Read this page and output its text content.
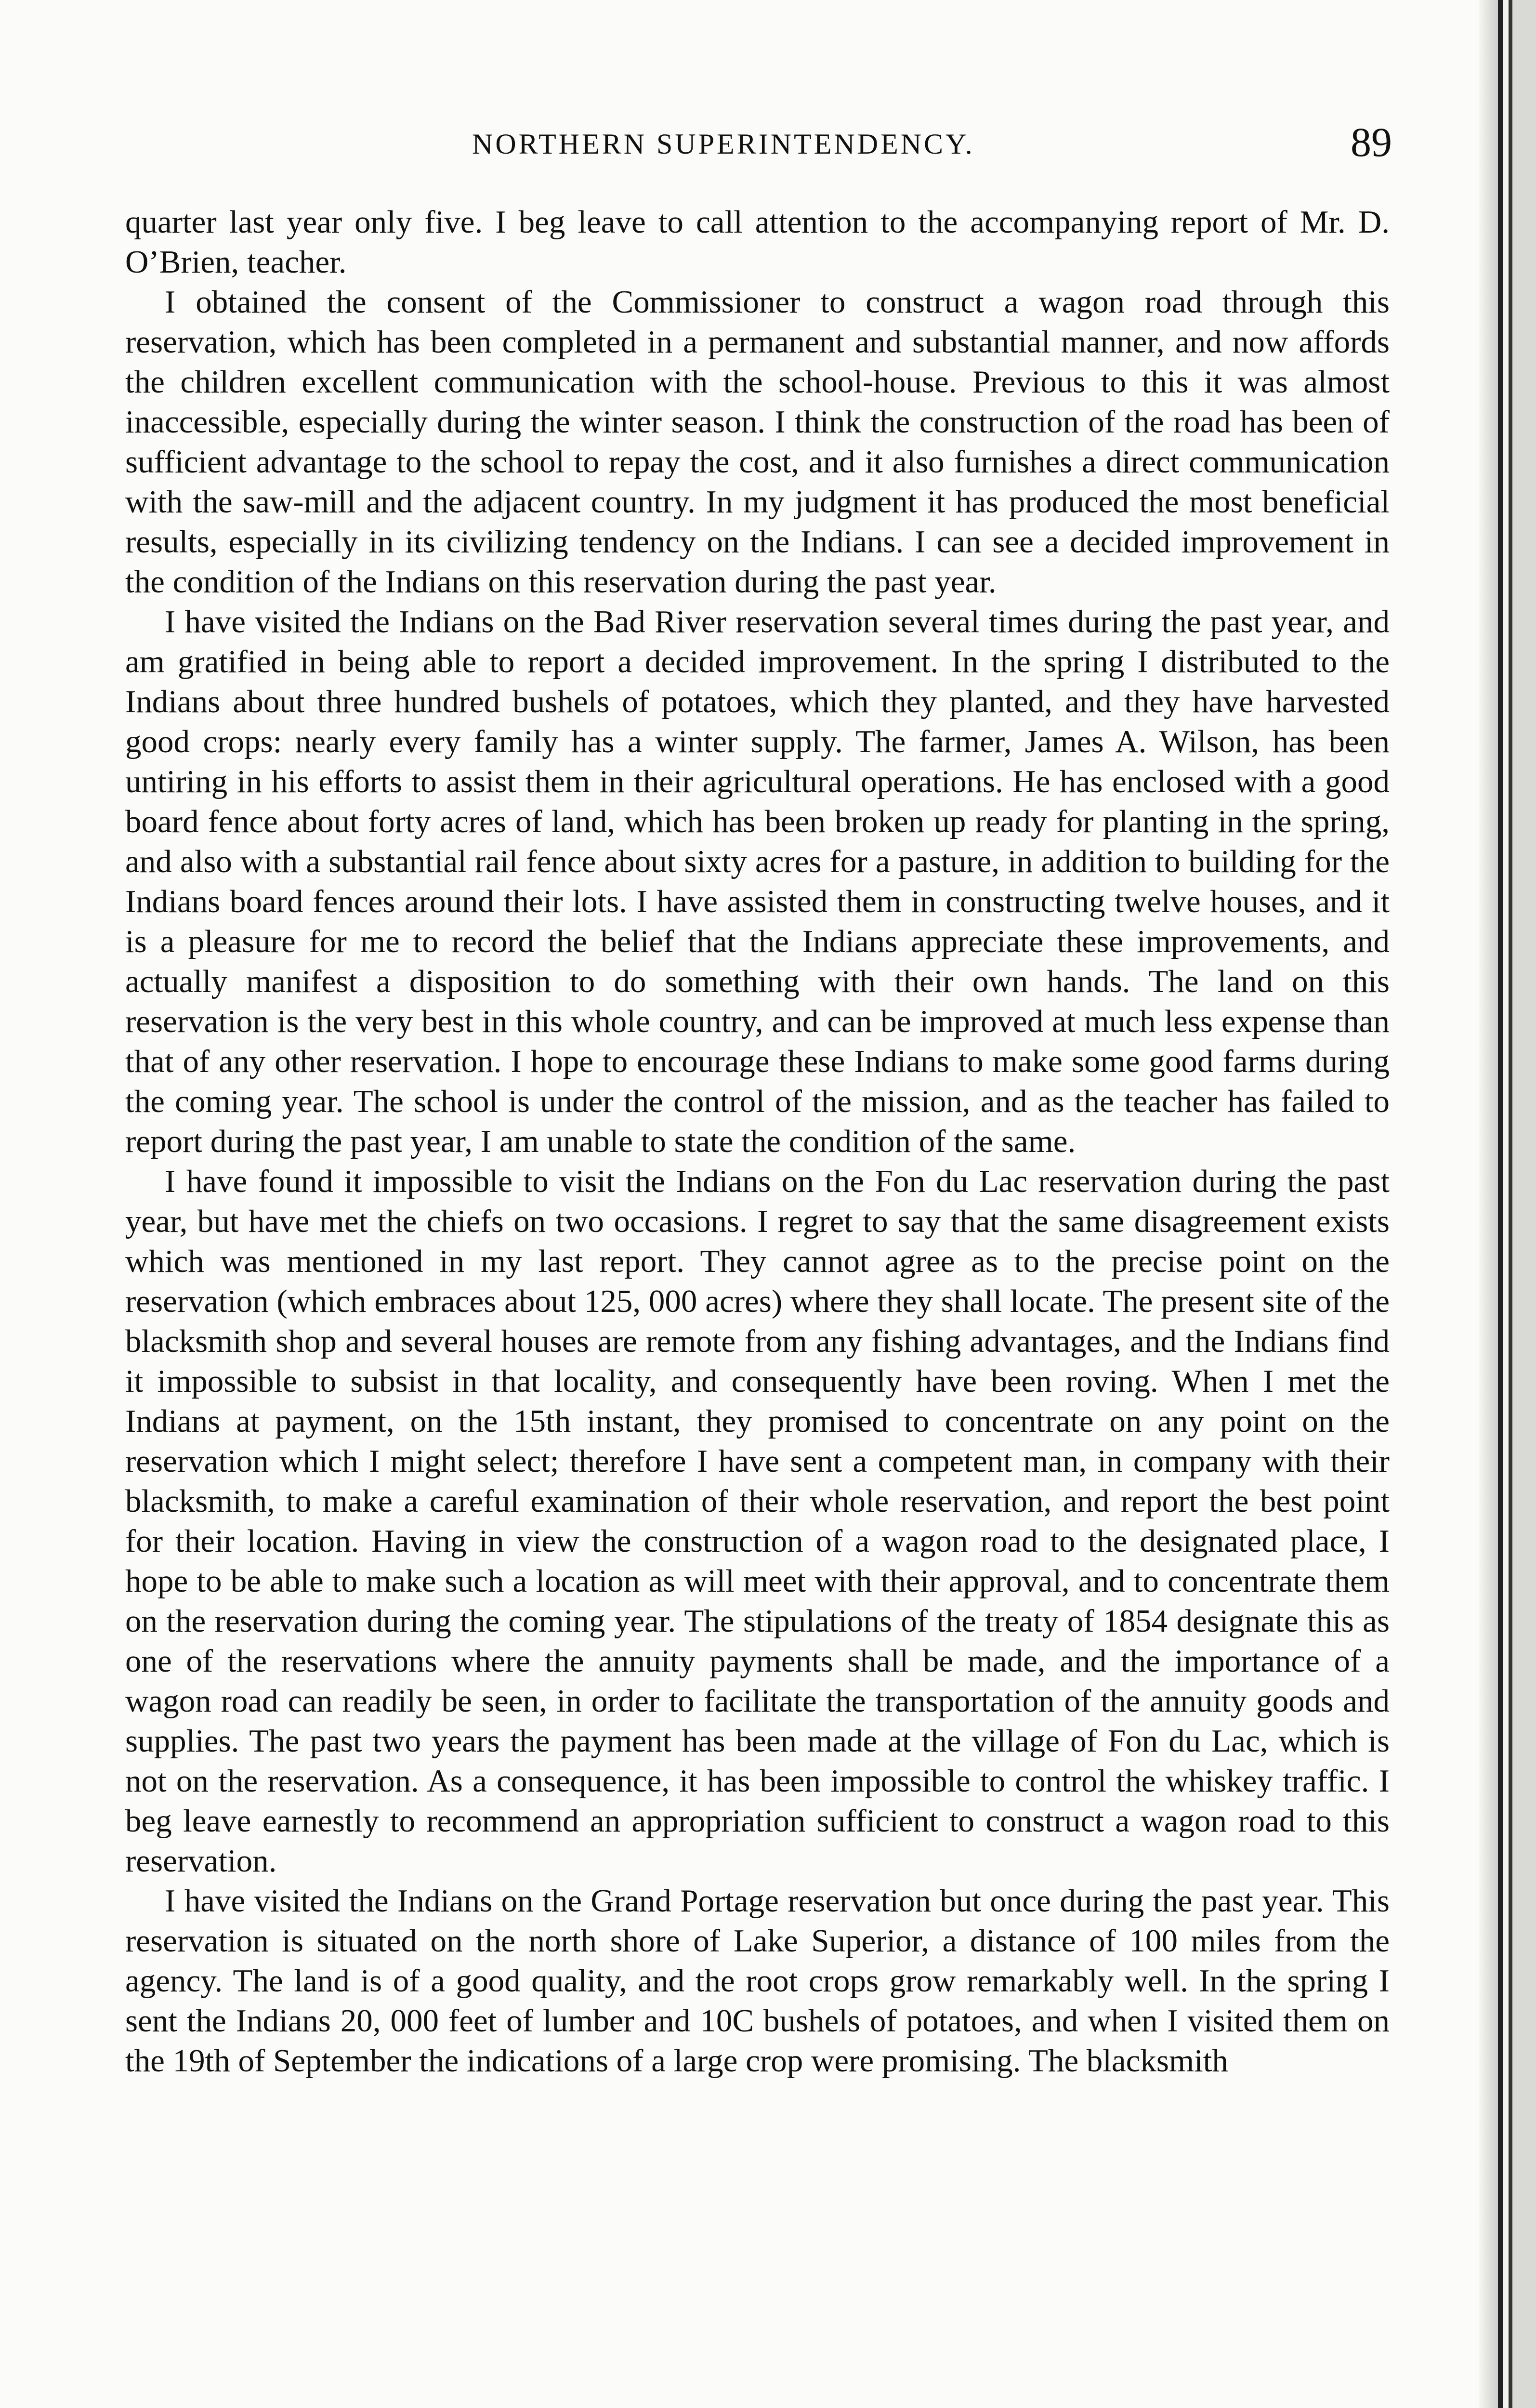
NORTHERN SUPERINTENDENCY.	89

quarter last year only five. I beg leave to call attention to the accompanying report of Mr. D. O’Brien, teacher.

I obtained the consent of the Commissioner to construct a wagon road through this reservation, which has been completed in a permanent and substantial manner, and now affords the children excellent communication with the school-house. Previous to this it was almost inaccessible, especially during the winter season. I think the construction of the road has been of sufficient advantage to the school to repay the cost, and it also furnishes a direct communication with the saw-mill and the adjacent country. In my judgment it has produced the most beneficial results, especially in its civilizing tendency on the Indians. I can see a decided improvement in the condition of the Indians on this reservation during the past year.

I have visited the Indians on the Bad River reservation several times during the past year, and am gratified in being able to report a decided improvement. In the spring I distributed to the Indians about three hundred bushels of potatoes, which they planted, and they have harvested good crops: nearly every family has a winter supply. The farmer, James A. Wilson, has been untiring in his efforts to assist them in their agricultural operations. He has enclosed with a good board fence about forty acres of land, which has been broken up ready for planting in the spring, and also with a substantial rail fence about sixty acres for a pasture, in addition to building for the Indians board fences around their lots. I have assisted them in constructing twelve houses, and it is a pleasure for me to record the belief that the Indians appreciate these improvements, and actually manifest a disposition to do something with their own hands. The land on this reservation is the very best in this whole country, and can be improved at much less expense than that of any other reservation. I hope to encourage these Indians to make some good farms during the coming year. The school is under the control of the mission, and as the teacher has failed to report during the past year, I am unable to state the condition of the same.

I have found it impossible to visit the Indians on the Fon du Lac reservation during the past year, but have met the chiefs on two occasions. I regret to say that the same disagreement exists which was mentioned in my last report. They cannot agree as to the precise point on the reservation (which embraces about 125, 000 acres) where they shall locate. The present site of the blacksmith shop and several houses are remote from any fishing advantages, and the Indians find it impossible to subsist in that locality, and consequently have been roving. When I met the Indians at payment, on the 15th instant, they promised to concentrate on any point on the reservation which I might select; therefore I have sent a competent man, in company with their blacksmith, to make a careful examination of their whole reservation, and report the best point for their location. Having in view the construction of a wagon road to the designated place, I hope to be able to make such a location as will meet with their approval, and to concentrate them on the reservation during the coming year. The stipulations of the treaty of 1854 designate this as one of the reservations where the annuity payments shall be made, and the importance of a wagon road can readily be seen, in order to facilitate the transportation of the annuity goods and supplies. The past two years the payment has been made at the village of Fon du Lac, which is not on the reservation. As a consequence, it has been impossible to control the whiskey traffic. I beg leave earnestly to recommend an appropriation sufficient to construct a wagon road to this reservation.

I have visited the Indians on the Grand Portage reservation but once during the past year. This reservation is situated on the north shore of Lake Superior, a distance of 100 miles from the agency. The land is of a good quality, and the root crops grow remarkably well. In the spring I sent the Indians 20, 000 feet of lumber and 10C bushels of potatoes, and when I visited them on the 19th of September the indications of a large crop were promising. The blacksmith
